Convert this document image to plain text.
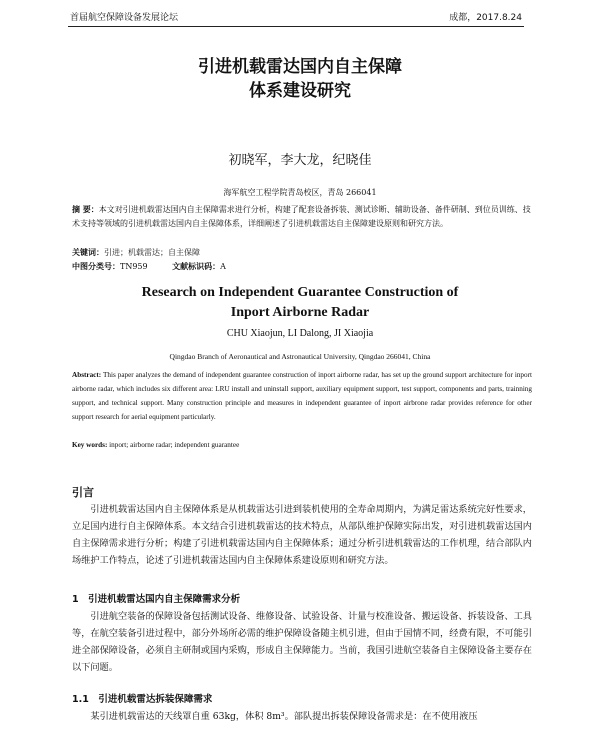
首届航空保障设备发展论坛	成都，2017.8.24
引进机载雷达国内自主保障
体系建设研究
初晓军，李大龙，纪晓佳
海军航空工程学院青岛校区，青岛 266041
摘 要：本文对引进机载雷达国内自主保障需求进行分析，构建了配套设备拆装、测试诊断、辅助设备、备件研制、到位员训练、技术支持等领域的引进机载雷达国内自主保障体系，详细阐述了引进机载雷达自主保障建设原则和研究方法。
关键词：引进；机载雷达；自主保障
中图分类号：TN959	文献标识码：A
Research on Independent Guarantee Construction of
Inport Airborne Radar
CHU Xiaojun, LI Dalong, JI Xiaojia
Qingdao Branch of Aeronautical and Astronautical University, Qingdao 266041, China
Abstract: This paper analyzes the demand of independent guarantee construction of inport airborne radar, has set up the ground support architecture for inport airborne radar, which includes six different area: LRU install and uninstall support, auxiliary equipment support, test support, components and parts, trainning support, and technical support. Many construction principle and measures in independent guarantee of inport airbrone radar provides reference for other support research for aerial equipment particularly.
Key words: inport; airborne radar; independent guarantee
引言
引进机载雷达国内自主保障体系是从机载雷达引进到装机使用的全寿命周期内，为满足雷达系统完好性要求，立足国内进行自主保障体系。本文结合引进机载雷达的技术特点，从部队维护保障实际出发，对引进机载雷达国内自主保障需求进行分析；构建了引进机载雷达国内自主保障体系；通过分析引进机载雷达的工作机理，结合部队内场维护工作特点，论述了引进机载雷达国内自主保障体系建设原则和研究方法。
1　引进机载雷达国内自主保障需求分析
引进航空装备的保障设备包括测试设备、维修设备、试验设备、计量与校准设备、搬运设备、拆装设备、工具等，在航空装备引进过程中，部分外场所必需的维护保障设备随主机引进，但由于国情不同，经费有限，不可能引进全部保障设备，必须自主研制或国内采购，形成自主保障能力。当前，我国引进航空装备自主保障设备主要存在以下问题。
1.1　引进机载雷达拆装保障需求
某引进机载雷达的天线罩自重 63kg，体积 8m³。部队提出拆装保障设备需求是：在不使用液压
